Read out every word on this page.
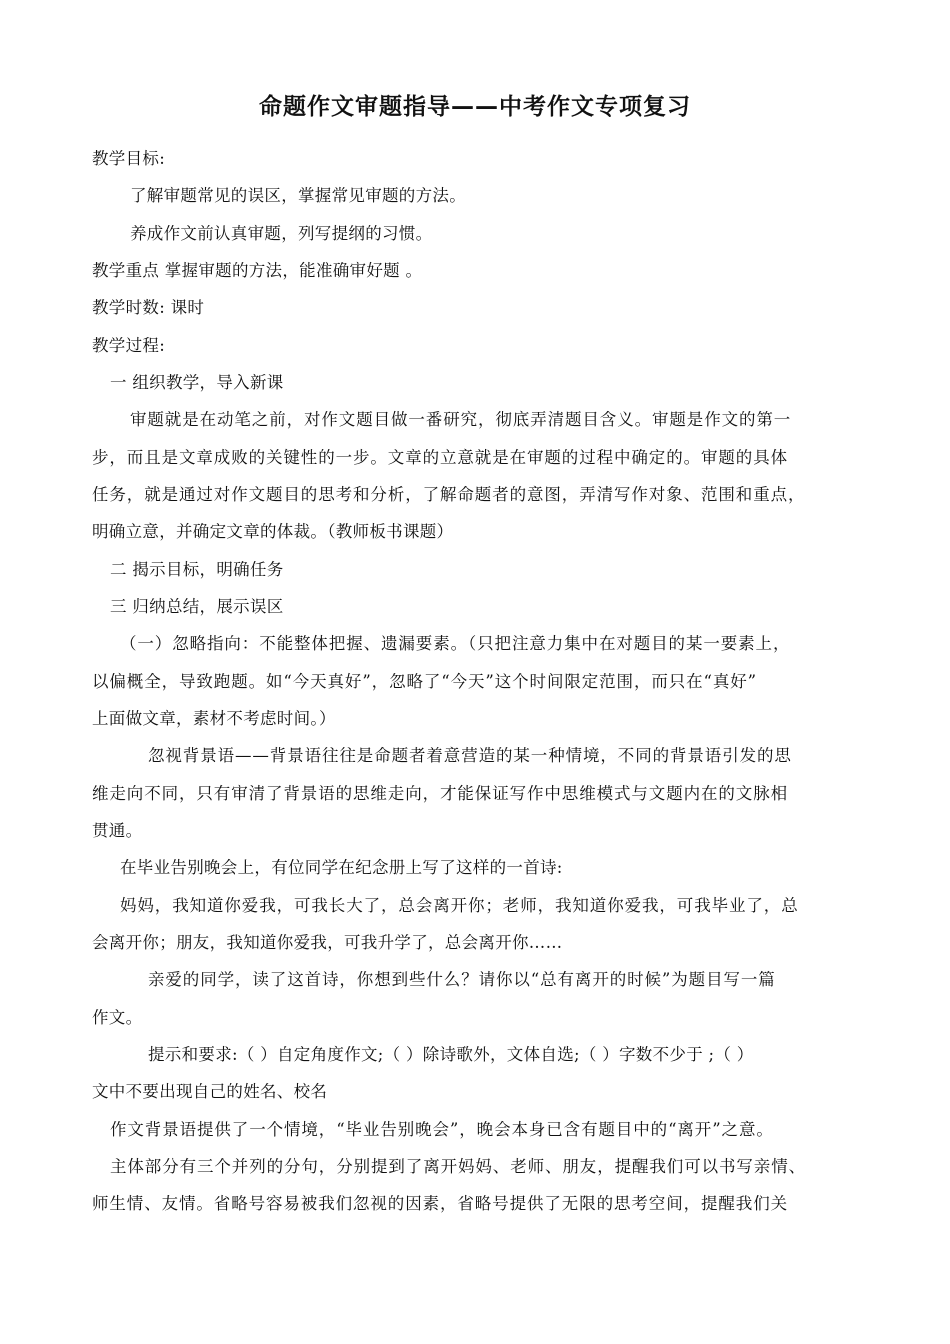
命题作文审题指导——中考作文专项复习
教学目标:
了解审题常见的误区，掌握常见审题的方法。
养成作文前认真审题，列写提纲的习惯。
教学重点 掌握审题的方法，能准确审好题 。
教学时数: 课时
教学过程:
一 组织教学，导入新课
审题就是在动笔之前，对作文题目做一番研究，彻底弄清题目含义。审题是作文的第一
步，而且是文章成败的关键性的一步。文章的立意就是在审题的过程中确定的。审题的具体
任务，就是通过对作文题目的思考和分析，了解命题者的意图，弄清写作对象、范围和重点，
明确立意，并确定文章的体裁。（教师板书课题）
二 揭示目标，明确任务
三 归纳总结，展示误区
（一）忽略指向：不能整体把握、遗漏要素。（只把注意力集中在对题目的某一要素上，
以偏概全，导致跑题。如“今天真好”，忽略了“今天”这个时间限定范围，而只在“真好”
上面做文章，素材不考虑时间。）
忽视背景语——背景语往往是命题者着意营造的某一种情境，不同的背景语引发的思
维走向不同，只有审清了背景语的思维走向，才能保证写作中思维模式与文题内在的文脉相
贯通。
在毕业告别晚会上，有位同学在纪念册上写了这样的一首诗:
妈妈，我知道你爱我，可我长大了，总会离开你；老师，我知道你爱我，可我毕业了，总
会离开你；朋友，我知道你爱我，可我升学了，总会离开你……
亲爱的同学，读了这首诗，你想到些什么？请你以“总有离开的时候”为题目写一篇
作文。
提示和要求:（ ）自定角度作文;（ ）除诗歌外，文体自选;（ ）字数不少于 ;（ ）
文中不要出现自己的姓名、校名
作文背景语提供了一个情境，“毕业告别晚会”，晚会本身已含有题目中的“离开”之意。
主体部分有三个并列的分句，分别提到了离开妈妈、老师、朋友，提醒我们可以书写亲情、
师生情、友情。省略号容易被我们忽视的因素，省略号提供了无限的思考空间，提醒我们关
